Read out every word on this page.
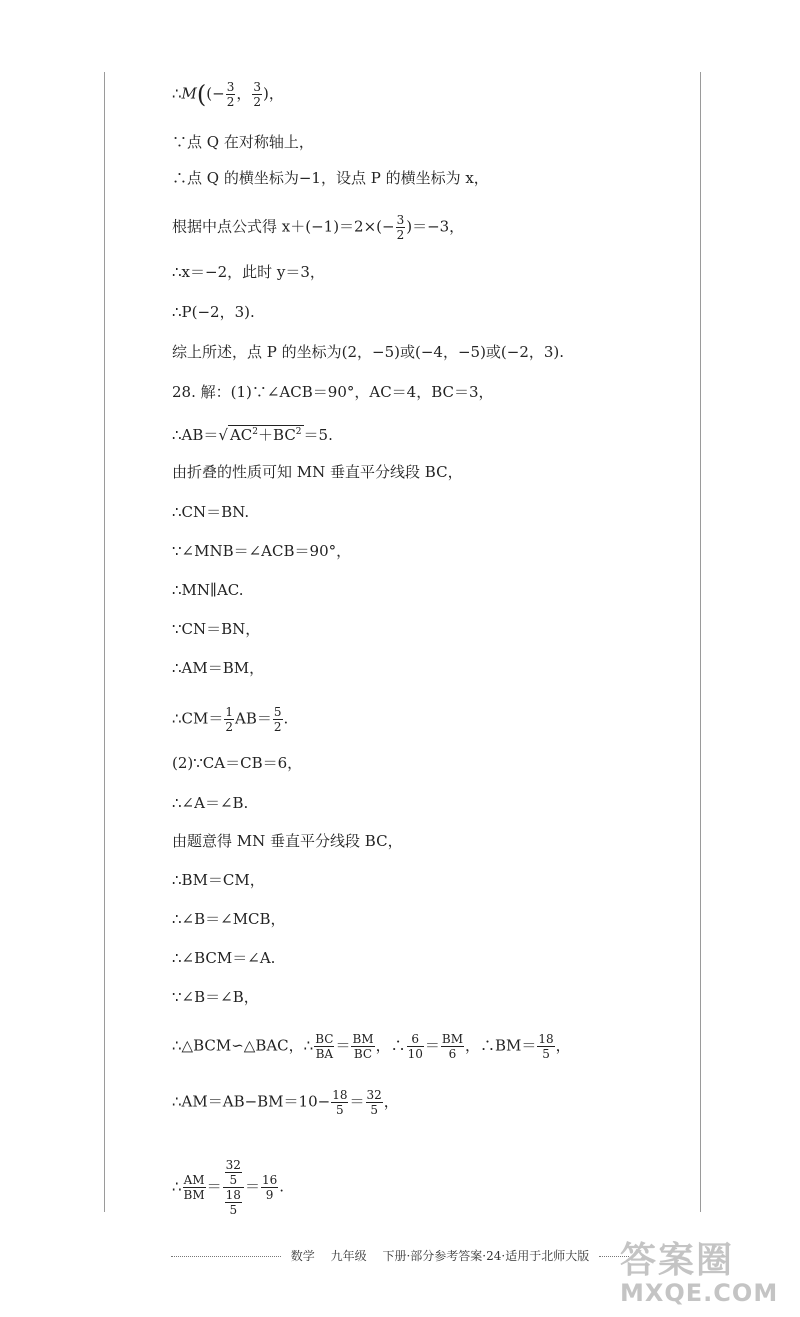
∴M((− $\frac{3}{2}$ ， $\frac{3}{2}$ )，
∵点 Q 在对称轴上，
∴点 Q 的横坐标为−1，设点 P 的横坐标为 x，
根据中点公式得 $x+(-1)=2\times(- \frac{3}{2} )=-3$，
∴x＝−2，此时 y＝3，
∴P(−2，3).
综上所述，点 P 的坐标为(2，−5)或(−4，−5)或(−2，3).
28. 解：(1)∵∠ACB＝90°，AC＝4，BC＝3，
∴AB＝√ $AC^2+BC^2 =5$.
由折叠的性质可知 MN 垂直平分线段 BC，
∴CN＝BN.
∵∠MNB＝∠ACB＝90°，
∴MN∥AC.
∵CN＝BN，
∴AM＝BM，
∴CM＝ $\frac{1}{2} AB= \frac{5}{2}$ .
(2)∵CA＝CB＝6，
∴∠A＝∠B.
由题意得 MN 垂直平分线段 BC，
∴BM＝CM，
∴∠B＝∠MCB，
∴∠BCM＝∠A.
∵∠B＝∠B，
∴△BCM∽△BAC，∴ $\frac{BC}{BA} = \frac{BM}{BC}$ ，∴ $\frac{6}{10} = \frac{BM}{6}$ ，∴BM＝ $\frac{18}{5}$ ，
∴AM＝AB−BM＝10− $\frac{18}{5} = \frac{32}{5}$ ，
∴ $\frac{AM}{BM} = \frac{\frac{32}{5}}{\frac{18}{5}} = \frac{16}{9}$ .
数学　 九年级　 下册·部分参考答案·24·适用于北师大版 答案圈
MXQE.COM
